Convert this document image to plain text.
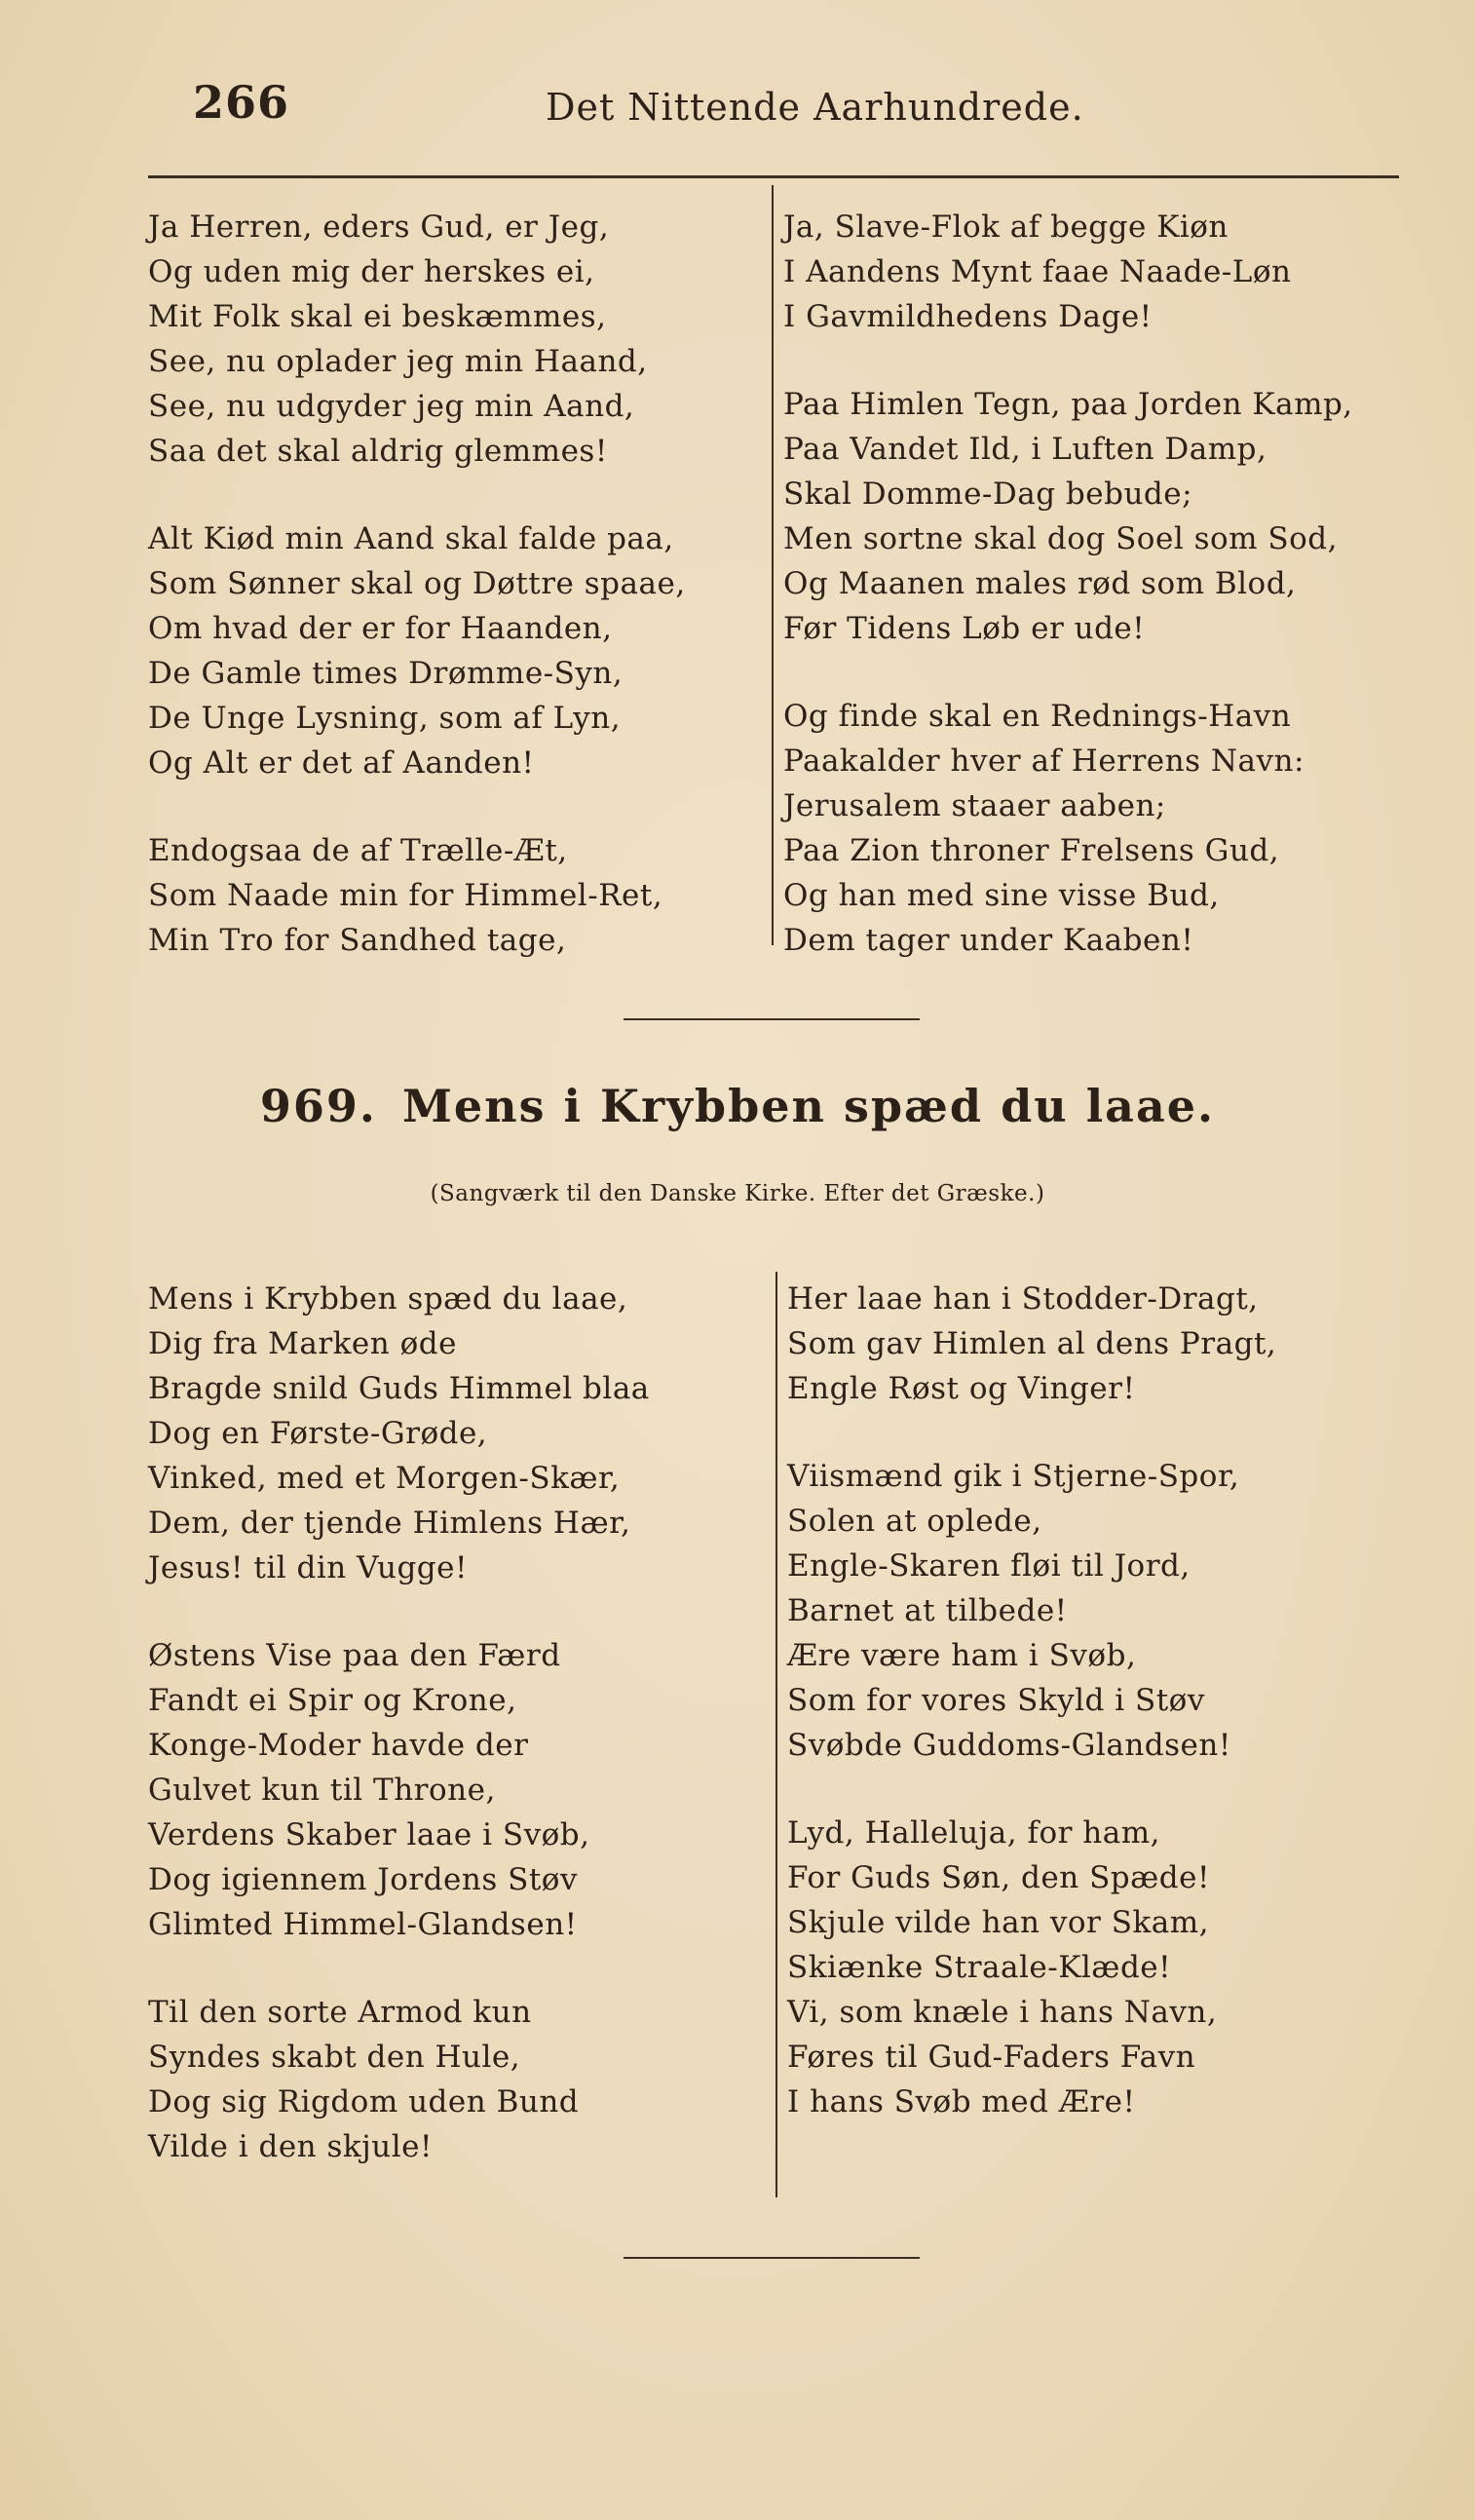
266	Det Nittende Aarhundrede.
Ja Herren, eders Gud, er Jeg,
Og uden mig der herskes ei,
Mit Folk skal ei beskæmmes,
See, nu oplader jeg min Haand,
See, nu udgyder jeg min Aand,
Saa det skal aldrig glemmes!
Alt Kiød min Aand skal falde paa,
Som Sønner skal og Døttre spaae,
Om hvad der er for Haanden,
De Gamle times Drømme-Syn,
De Unge Lysning, som af Lyn,
Og Alt er det af Aanden!
Endogsaa de af Trælle-Æt,
Som Naade min for Himmel-Ret,
Min Tro for Sandhed tage,
Ja, Slave-Flok af begge Kiøn
I Aandens Mynt faae Naade-Løn
I Gavmildhedens Dage!
Paa Himlen Tegn, paa Jorden Kamp,
Paa Vandet Ild, i Luften Damp,
Skal Domme-Dag bebude;
Men sortne skal dog Soel som Sod,
Og Maanen males rød som Blod,
Før Tidens Løb er ude!
Og finde skal en Rednings-Havn
Paakalder hver af Herrens Navn:
Jerusalem staaer aaben;
Paa Zion throner Frelsens Gud,
Og han med sine visse Bud,
Dem tager under Kaaben!
969. Mens i Krybben spæd du laae.
(Sangværk til den Danske Kirke. Efter det Græske.)
Mens i Krybben spæd du laae,
Dig fra Marken øde
Bragde snild Guds Himmel blaa
Dog en Første-Grøde,
Vinked, med et Morgen-Skær,
Dem, der tjende Himlens Hær,
Jesus! til din Vugge!
Østens Vise paa den Færd
Fandt ei Spir og Krone,
Konge-Moder havde der
Gulvet kun til Throne,
Verdens Skaber laae i Svøb,
Dog igiennem Jordens Støv
Glimted Himmel-Glandsen!
Til den sorte Armod kun
Syndes skabt den Hule,
Dog sig Rigdom uden Bund
Vilde i den skjule!
Her laae han i Stodder-Dragt,
Som gav Himlen al dens Pragt,
Engle Røst og Vinger!
Viismænd gik i Stjerne-Spor,
Solen at oplede,
Engle-Skaren fløi til Jord,
Barnet at tilbede!
Ære være ham i Svøb,
Som for vores Skyld i Støv
Svøbde Guddoms-Glandsen!
Lyd, Halleluja, for ham,
For Guds Søn, den Spæde!
Skjule vilde han vor Skam,
Skiænke Straale-Klæde!
Vi, som knæle i hans Navn,
Føres til Gud-Faders Favn
I hans Svøb med Ære!
